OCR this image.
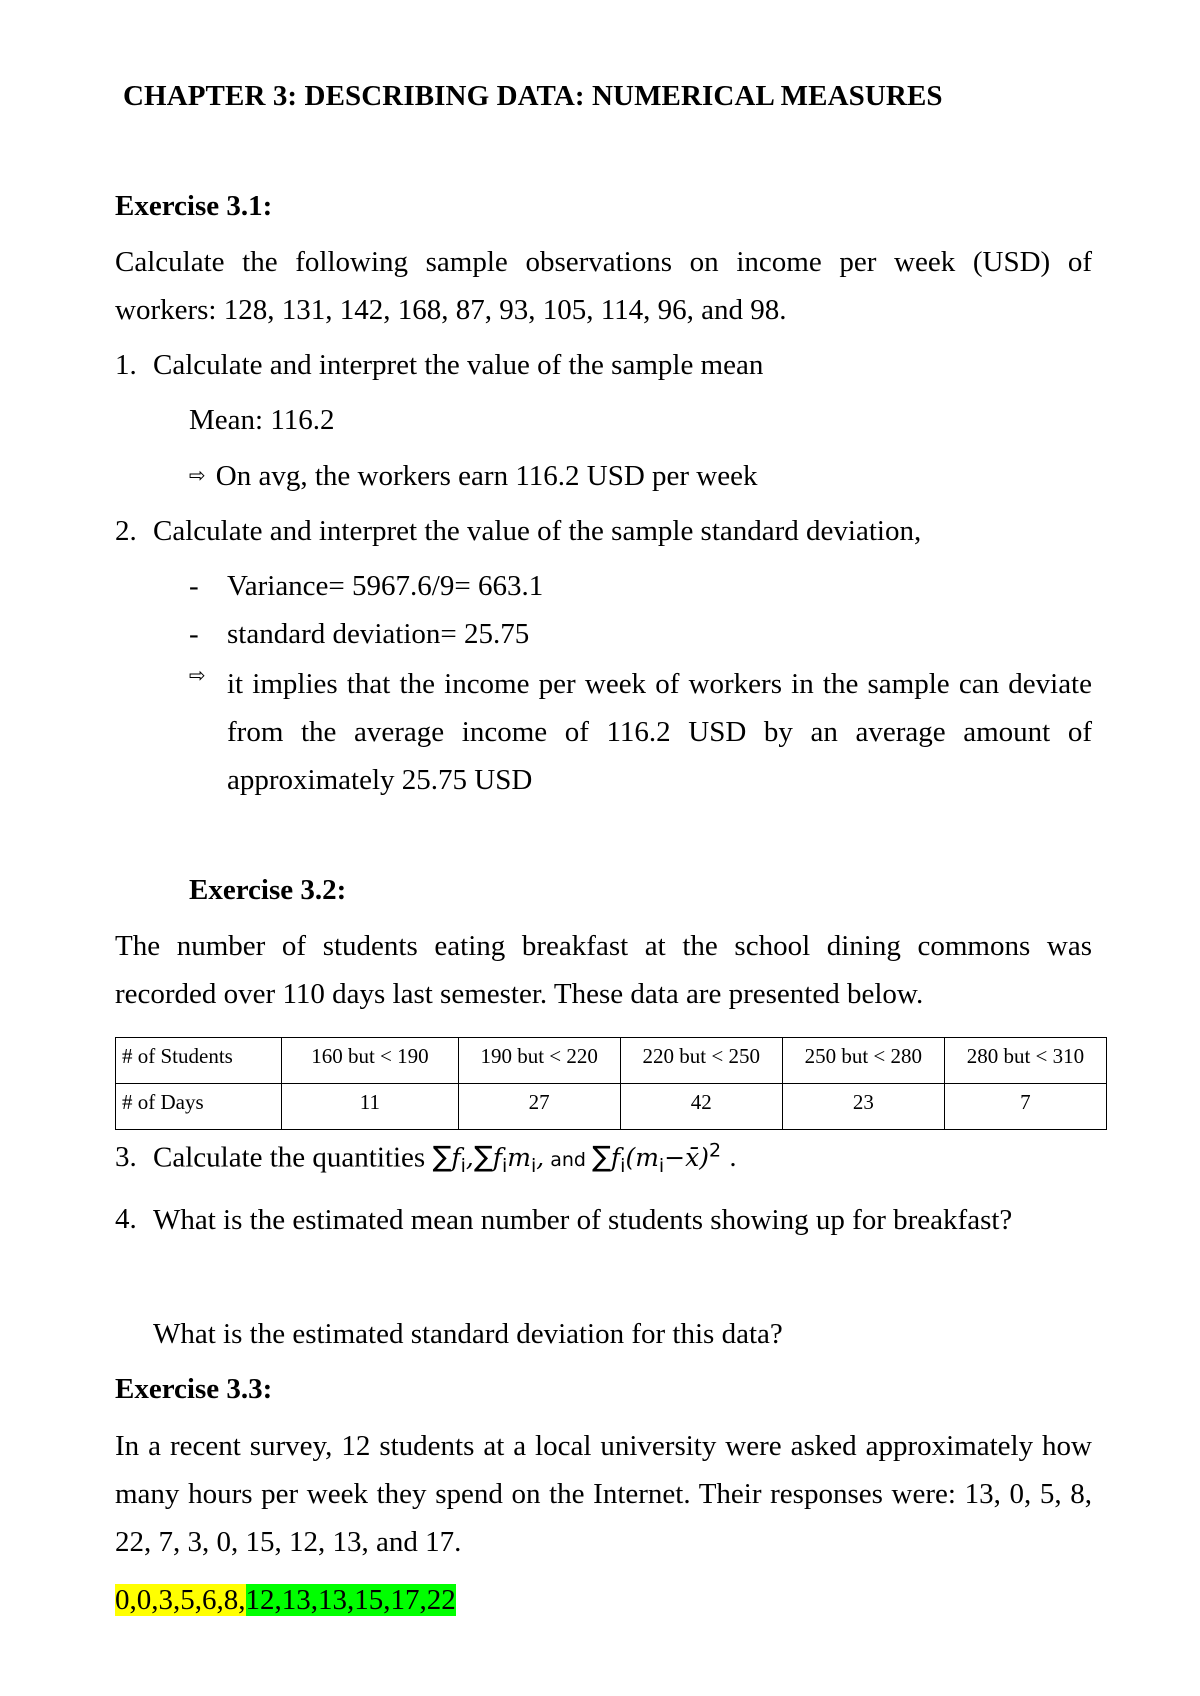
CHAPTER 3: DESCRIBING DATA: NUMERICAL MEASURES
Exercise 3.1:
Calculate the following sample observations on income per week (USD) of workers: 128, 131, 142, 168, 87, 93, 105, 114, 96, and 98.
1. Calculate and interpret the value of the sample mean
Mean: 116.2
⇨ On avg, the workers earn 116.2 USD per week
2. Calculate and interpret the value of the sample standard deviation,
- Variance= 5967.6/9= 663.1
- standard deviation= 25.75
⇨ it implies that the income per week of workers in the sample can deviate from the average income of 116.2 USD by an average amount of approximately 25.75 USD
Exercise 3.2:
The number of students eating breakfast at the school dining commons was recorded over 110 days last semester. These data are presented below.
# of Students	160 but < 190	190 but < 220	220 but < 250	250 but < 280	280 but < 310
# of Days	11	27	42	23	7
3. Calculate the quantities $\sum f_i,\sum f_im_i$, and $\sum f_i(m_i-x̄)^2$ .
4. What is the estimated mean number of students showing up for breakfast?
What is the estimated standard deviation for this data?
Exercise 3.3:
In a recent survey, 12 students at a local university were asked approximately how many hours per week they spend on the Internet. Their responses were: 13, 0, 5, 8, 22, 7, 3, 0, 15, 12, 13, and 17.
0,0,3,5,6,8,12,13,13,15,17,22
